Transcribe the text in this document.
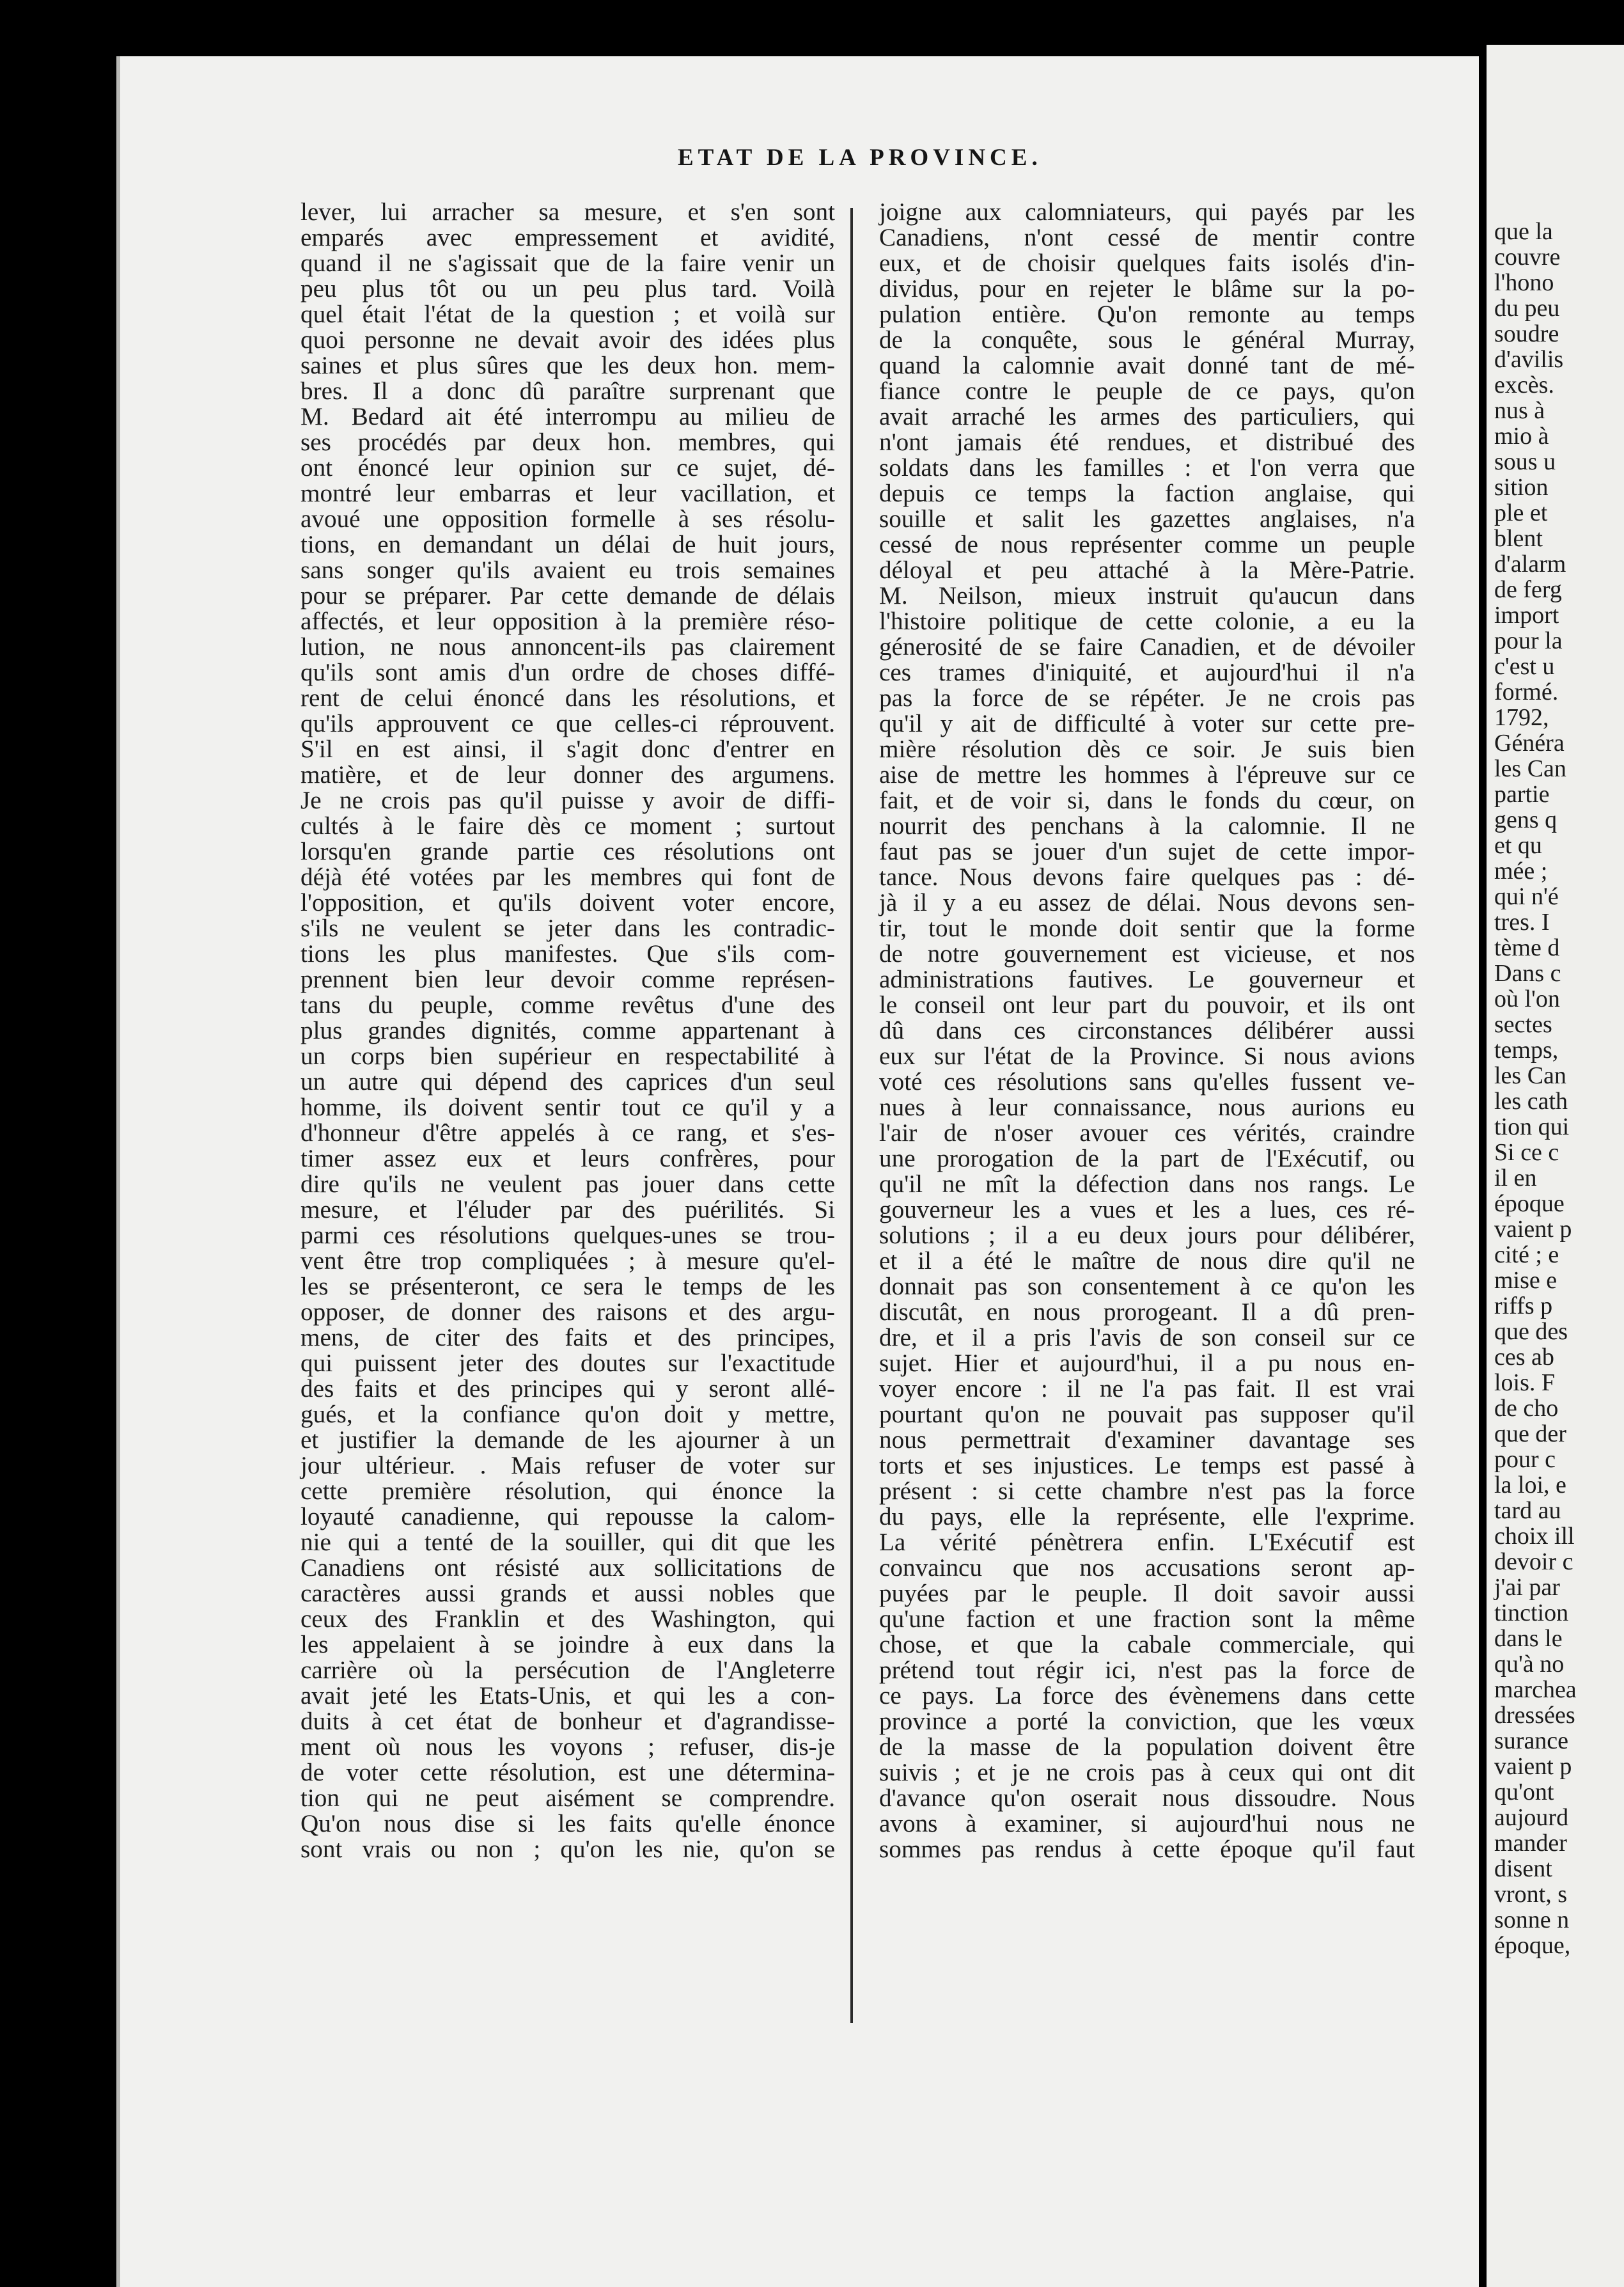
ETAT DE LA PROVINCE.
lever, lui arracher sa mesure, et s'en sont
emparés avec empressement et avidité,
quand il ne s'agissait que de la faire venir un
peu plus tôt ou un peu plus tard. Voilà
quel était l'état de la question ; et voilà sur
quoi personne ne devait avoir des idées plus
saines et plus sûres que les deux hon. mem-
bres. Il a donc dû paraître surprenant que
M. Bedard ait été interrompu au milieu de
ses procédés par deux hon. membres, qui
ont énoncé leur opinion sur ce sujet, dé-
montré leur embarras et leur vacillation, et
avoué une opposition formelle à ses résolu-
tions, en demandant un délai de huit jours,
sans songer qu'ils avaient eu trois semaines
pour se préparer. Par cette demande de délais
affectés, et leur opposition à la première réso-
lution, ne nous annoncent-ils pas clairement
qu'ils sont amis d'un ordre de choses diffé-
rent de celui énoncé dans les résolutions, et
qu'ils approuvent ce que celles-ci réprouvent.
S'il en est ainsi, il s'agit donc d'entrer en
matière, et de leur donner des argumens.
Je ne crois pas qu'il puisse y avoir de diffi-
cultés à le faire dès ce moment ; surtout
lorsqu'en grande partie ces résolutions ont
déjà été votées par les membres qui font de
l'opposition, et qu'ils doivent voter encore,
s'ils ne veulent se jeter dans les contradic-
tions les plus manifestes. Que s'ils com-
prennent bien leur devoir comme représen-
tans du peuple, comme revêtus d'une des
plus grandes dignités, comme appartenant à
un corps bien supérieur en respectabilité à
un autre qui dépend des caprices d'un seul
homme, ils doivent sentir tout ce qu'il y a
d'honneur d'être appelés à ce rang, et s'es-
timer assez eux et leurs confrères, pour
dire qu'ils ne veulent pas jouer dans cette
mesure, et l'éluder par des puérilités. Si
parmi ces résolutions quelques-unes se trou-
vent être trop compliquées ; à mesure qu'el-
les se présenteront, ce sera le temps de les
opposer, de donner des raisons et des argu-
mens, de citer des faits et des principes,
qui puissent jeter des doutes sur l'exactitude
des faits et des principes qui y seront allé-
gués, et la confiance qu'on doit y mettre,
et justifier la demande de les ajourner à un
jour ultérieur. . Mais refuser de voter sur
cette première résolution, qui énonce la
loyauté canadienne, qui repousse la calom-
nie qui a tenté de la souiller, qui dit que les
Canadiens ont résisté aux sollicitations de
caractères aussi grands et aussi nobles que
ceux des Franklin et des Washington, qui
les appelaient à se joindre à eux dans la
carrière où la persécution de l'Angleterre
avait jeté les Etats-Unis, et qui les a con-
duits à cet état de bonheur et d'agrandisse-
ment où nous les voyons ; refuser, dis-je
de voter cette résolution, est une détermina-
tion qui ne peut aisément se comprendre.
Qu'on nous dise si les faits qu'elle énonce
sont vrais ou non ; qu'on les nie, qu'on se
joigne aux calomniateurs, qui payés par les
Canadiens, n'ont cessé de mentir contre
eux, et de choisir quelques faits isolés d'in-
dividus, pour en rejeter le blâme sur la po-
pulation entière. Qu'on remonte au temps
de la conquête, sous le général Murray,
quand la calomnie avait donné tant de mé-
fiance contre le peuple de ce pays, qu'on
avait arraché les armes des particuliers, qui
n'ont jamais été rendues, et distribué des
soldats dans les familles : et l'on verra que
depuis ce temps la faction anglaise, qui
souille et salit les gazettes anglaises, n'a
cessé de nous représenter comme un peuple
déloyal et peu attaché à la Mère-Patrie.
M. Neilson, mieux instruit qu'aucun dans
l'histoire politique de cette colonie, a eu la
génerosité de se faire Canadien, et de dévoiler
ces trames d'iniquité, et aujourd'hui il n'a
pas la force de se répéter. Je ne crois pas
qu'il y ait de difficulté à voter sur cette pre-
mière résolution dès ce soir. Je suis bien
aise de mettre les hommes à l'épreuve sur ce
fait, et de voir si, dans le fonds du cœur, on
nourrit des penchans à la calomnie. Il ne
faut pas se jouer d'un sujet de cette impor-
tance. Nous devons faire quelques pas : dé-
jà il y a eu assez de délai. Nous devons sen-
tir, tout le monde doit sentir que la forme
de notre gouvernement est vicieuse, et nos
administrations fautives. Le gouverneur et
le conseil ont leur part du pouvoir, et ils ont
dû dans ces circonstances délibérer aussi
eux sur l'état de la Province. Si nous avions
voté ces résolutions sans qu'elles fussent ve-
nues à leur connaissance, nous aurions eu
l'air de n'oser avouer ces vérités, craindre
une prorogation de la part de l'Exécutif, ou
qu'il ne mît la défection dans nos rangs. Le
gouverneur les a vues et les a lues, ces ré-
solutions ; il a eu deux jours pour délibérer,
et il a été le maître de nous dire qu'il ne
donnait pas son consentement à ce qu'on les
discutât, en nous prorogeant. Il a dû pren-
dre, et il a pris l'avis de son conseil sur ce
sujet. Hier et aujourd'hui, il a pu nous en-
voyer encore : il ne l'a pas fait. Il est vrai
pourtant qu'on ne pouvait pas supposer qu'il
nous permettrait d'examiner davantage ses
torts et ses injustices. Le temps est passé à
présent : si cette chambre n'est pas la force
du pays, elle la représente, elle l'exprime.
La vérité pénètrera enfin. L'Exécutif est
convaincu que nos accusations seront ap-
puyées par le peuple. Il doit savoir aussi
qu'une faction et une fraction sont la même
chose, et que la cabale commerciale, qui
prétend tout régir ici, n'est pas la force de
ce pays. La force des évènemens dans cette
province a porté la conviction, que les vœux
de la masse de la population doivent être
suivis ; et je ne crois pas à ceux qui ont dit
d'avance qu'on oserait nous dissoudre. Nous
avons à examiner, si aujourd'hui nous ne
sommes pas rendus à cette époque qu'il faut
que la
couvre
l'hono
du peu
soudre
d'avilis
excès.
nus à
mio à
sous u
sition
ple et
blent
d'alarm
de ferg
import
pour la
c'est u
formé.
1792,
Généra
les Can
partie
gens q
et qu
mée ;
qui n'é
tres. I
tème d
Dans c
où l'on
sectes
temps,
les Can
les cath
tion qui
Si ce c
il en
époque
vaient p
cité ; e
mise e
riffs p
que des
ces ab
lois. F
de cho
que der
pour c
la loi, e
tard au
choix ill
devoir c
j'ai par
tinction
dans le
qu'à no
marchea
dressées
surance
vaient p
qu'ont
aujourd
mander
disent
vront, s
sonne n
époque,
